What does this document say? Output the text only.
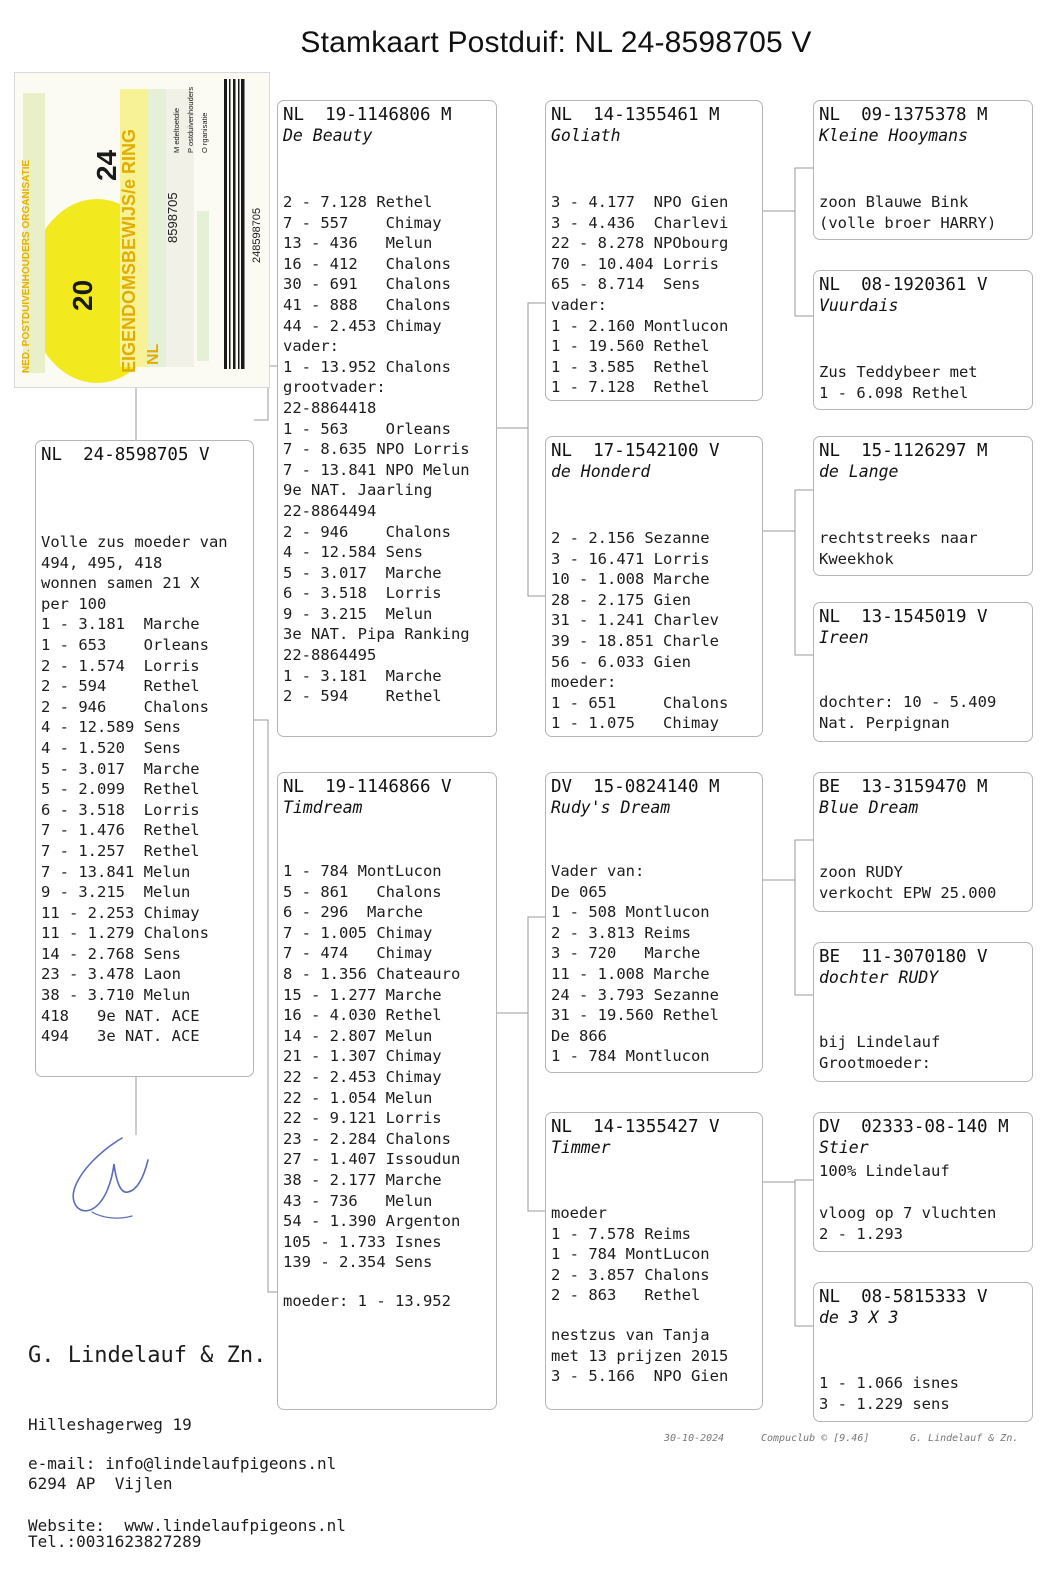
Stamkaart Postduif: NL 24-8598705 V
NED. POSTDUIVENHOUDERS ORGANISATIE 20
24
EIGENDOMSBEWIJS/e RING NL
8598705
M edeltoetdie P ostduivenhouders O rganisatie
248598705
NL  24-8598705 V
Volle zus moeder van
494, 495, 418
wonnen samen 21 X
per 100
1 - 3.181  Marche
1 - 653    Orleans
2 - 1.574  Lorris
2 - 594    Rethel
2 - 946    Chalons
4 - 12.589 Sens
4 - 1.520  Sens
5 - 3.017  Marche
5 - 2.099  Rethel
6 - 3.518  Lorris
7 - 1.476  Rethel
7 - 1.257  Rethel
7 - 13.841 Melun
9 - 3.215  Melun
11 - 2.253 Chimay
11 - 1.279 Chalons
14 - 2.768 Sens
23 - 3.478 Laon
38 - 3.710 Melun
418   9e NAT. ACE
494   3e NAT. ACE
NL  19-1146806 M
De Beauty
2 - 7.128 Rethel
7 - 557    Chimay
13 - 436   Melun
16 - 412   Chalons
30 - 691   Chalons
41 - 888   Chalons
44 - 2.453 Chimay
vader:
1 - 13.952 Chalons
grootvader:
22-8864418
1 - 563    Orleans
7 - 8.635 NPO Lorris
7 - 13.841 NPO Melun
9e NAT. Jaarling
22-8864494
2 - 946    Chalons
4 - 12.584 Sens
5 - 3.017  Marche
6 - 3.518  Lorris
9 - 3.215  Melun
3e NAT. Pipa Ranking
22-8864495
1 - 3.181  Marche
2 - 594    Rethel
NL  19-1146866 V
Timdream
1 - 784 MontLucon
5 - 861   Chalons
6 - 296  Marche
7 - 1.005 Chimay
7 - 474   Chimay
8 - 1.356 Chateauro
15 - 1.277 Marche
16 - 4.030 Rethel
14 - 2.807 Melun
21 - 1.307 Chimay
22 - 2.453 Chimay
22 - 1.054 Melun
22 - 9.121 Lorris
23 - 2.284 Chalons
27 - 1.407 Issoudun
38 - 2.177 Marche
43 - 736   Melun
54 - 1.390 Argenton
105 - 1.733 Isnes
139 - 2.354 Sens
moeder: 1 - 13.952
NL  14-1355461 M
Goliath
3 - 4.177  NPO Gien
3 - 4.436  Charlevi
22 - 8.278 NPObourg
70 - 10.404 Lorris
65 - 8.714  Sens
vader:
1 - 2.160 Montlucon
1 - 19.560 Rethel
1 - 3.585  Rethel
1 - 7.128  Rethel
NL  17-1542100 V
de Honderd
2 - 2.156 Sezanne
3 - 16.471 Lorris
10 - 1.008 Marche
28 - 2.175 Gien
31 - 1.241 Charlev
39 - 18.851 Charle
56 - 6.033 Gien
moeder:
1 - 651     Chalons
1 - 1.075   Chimay
DV  15-0824140 M
Rudy's Dream
Vader van:
De 065
1 - 508 Montlucon
2 - 3.813 Reims
3 - 720   Marche
11 - 1.008 Marche
24 - 3.793 Sezanne
31 - 19.560 Rethel
De 866
1 - 784 Montlucon
NL  14-1355427 V
Timmer
moeder
1 - 7.578 Reims
1 - 784 MontLucon
2 - 3.857 Chalons
2 - 863   Rethel
nestzus van Tanja
met 13 prijzen 2015
3 - 5.166  NPO Gien
NL  09-1375378 M
Kleine Hooymans
zoon Blauwe Bink
(volle broer HARRY)
NL  08-1920361 V
Vuurdais
Zus Teddybeer met
1 - 6.098 Rethel
NL  15-1126297 M
de Lange
rechtstreeks naar
Kweekhok
NL  13-1545019 V
Ireen
dochter: 10 - 5.409
Nat. Perpignan
BE  13-3159470 M
Blue Dream
zoon RUDY
verkocht EPW 25.000
BE  11-3070180 V
dochter RUDY
bij Lindelauf
Grootmoeder:
DV  02333-08-140 M
Stier
100% Lindelauf
vloog op 7 vluchten
2 - 1.293
NL  08-5815333 V
de 3 X 3
1 - 1.066 isnes
3 - 1.229 sens

G. Lindelauf & Zn.

Hilleshagerweg 19

6294 AP  Vijlen

Tel.:0031623827289

e-mail: info@lindelaufpigeons.nl

Website:  www.lindelaufpigeons.nl

30-10-2024	Compuclub © [9.46]	G. Lindelauf & Zn.
